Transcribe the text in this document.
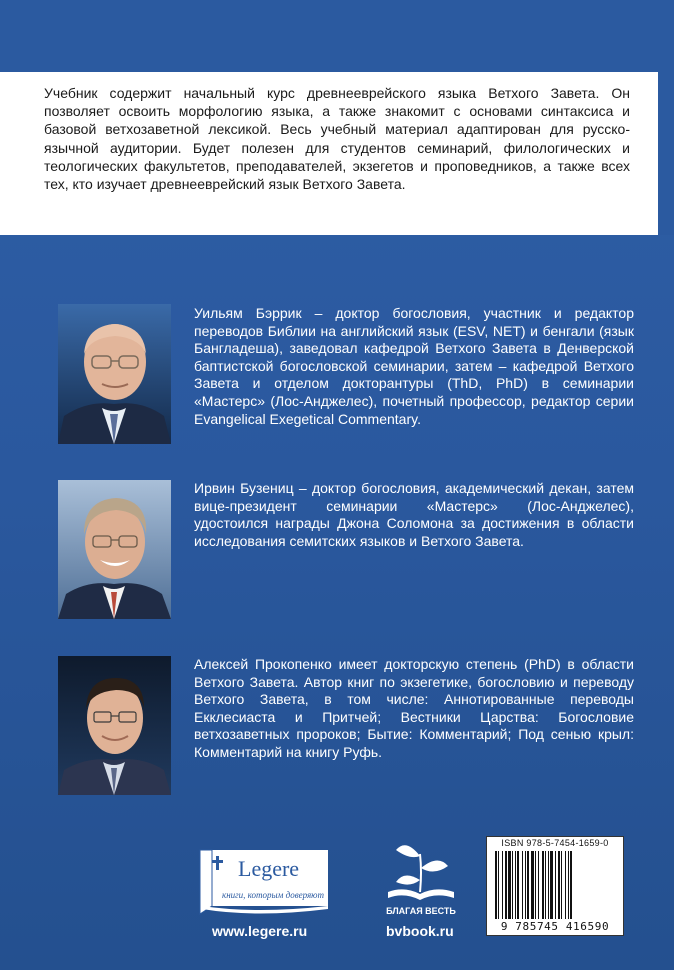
Учебник содержит начальный курс древнееврейского языка Ветхого Завета. Он позволяет освоить морфологию языка, а также знакомит с основами синтаксиса и базовой ветхозаветной лексикой. Весь учебный материал адаптирован для русско-язычной аудитории. Будет полезен для студентов семинарий, филологических и теологических факультетов, преподавателей, экзегетов и проповедников, а также всех тех, кто изучает древнееврейский язык Ветхого Завета.

Уильям Бэррик – доктор богословия, участник и редактор переводов Библии на английский язык (ESV, NET) и бенгали (язык Бангладеша), заведовал кафедрой Ветхого Завета в Денверской баптистской богословской семинарии, затем – кафедрой Ветхого Завета и отделом докторантуры (ThD, PhD) в семинарии «Мастерс» (Лос-Анджелес), почетный профессор, редактор серии Evangelical Exegetical Commentary.

Ирвин Бузениц – доктор богословия, академический декан, затем вице-президент семинарии «Мастерс» (Лос-Анджелес), удостоился награды Джона Соломона за достижения в области исследования семитских языков и Ветхого Завета.

Алексей Прокопенко имеет докторскую степень (PhD) в области Ветхого Завета. Автор книг по экзегетике, богословию и переводу Ветхого Завета, в том числе: Аннотированные переводы Екклесиаста и Притчей; Вестники Царства: Богословие ветхозаветных пророков; Бытие: Комментарий; Под сенью крыл: Комментарий на книгу Руфь.

Legere
книги, которым доверяют
www.legere.ru
БЛАГАЯ ВЕСТЬ
bvbook.ru
ISBN 978-5-7454-1659-0
9 785745 416590
